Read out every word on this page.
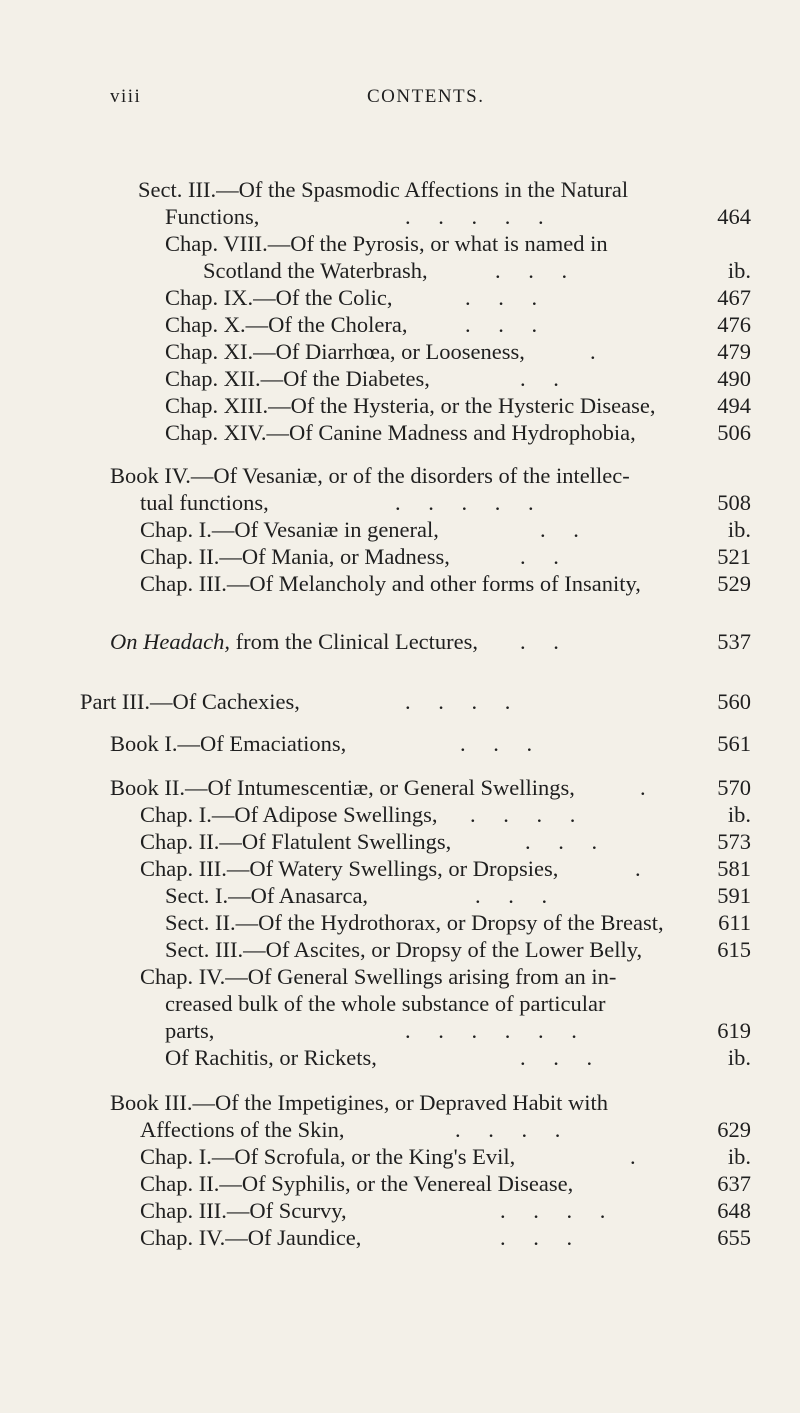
viii	CONTENTS.
Sect. III.—Of the Spasmodic Affections in the Natural
Functions,	. . . . .	464
Chap. VIII.—Of the Pyrosis, or what is named in
Scotland the Waterbrash,	. . .	ib.
Chap. IX.—Of the Colic,	. . .	467
Chap. X.—Of the Cholera,	. . .	476
Chap. XI.—Of Diarrhœa, or Looseness,	.	479
Chap. XII.—Of the Diabetes,	. .	490
Chap. XIII.—Of the Hysteria, or the Hysteric Disease,	494
Chap. XIV.—Of Canine Madness and Hydrophobia,	506
Book IV.—Of Vesaniæ, or of the disorders of the intellec-
tual functions,	. . . . .	508
Chap. I.—Of Vesaniæ in general,	. .	ib.
Chap. II.—Of Mania, or Madness,	. .	521
Chap. III.—Of Melancholy and other forms of Insanity,	529
On Headach, from the Clinical Lectures, . .	537
Part III.—Of Cachexies,	. . . .	560
Book I.—Of Emaciations,	. . .	561
Book II.—Of Intumescentiæ, or General Swellings,	.	570
Chap. I.—Of Adipose Swellings, . . . .	ib.
Chap. II.—Of Flatulent Swellings,	. . .	573
Chap. III.—Of Watery Swellings, or Dropsies,	.	581
Sect. I.—Of Anasarca,	. . .	591
Sect. II.—Of the Hydrothorax, or Dropsy of the Breast,	611
Sect. III.—Of Ascites, or Dropsy of the Lower Belly,	615
Chap. IV.—Of General Swellings arising from an in-
creased bulk of the whole substance of particular
parts,	. . . . . .	619
Of Rachitis, or Rickets,	. . .	ib.
Book III.—Of the Impetigines, or Depraved Habit with
Affections of the Skin,	. . . .	629
Chap. I.—Of Scrofula, or the King's Evil,	.	ib.
Chap. II.—Of Syphilis, or the Venereal Disease,	637
Chap. III.—Of Scurvy,	. . . .	648
Chap. IV.—Of Jaundice,	. . .	655
